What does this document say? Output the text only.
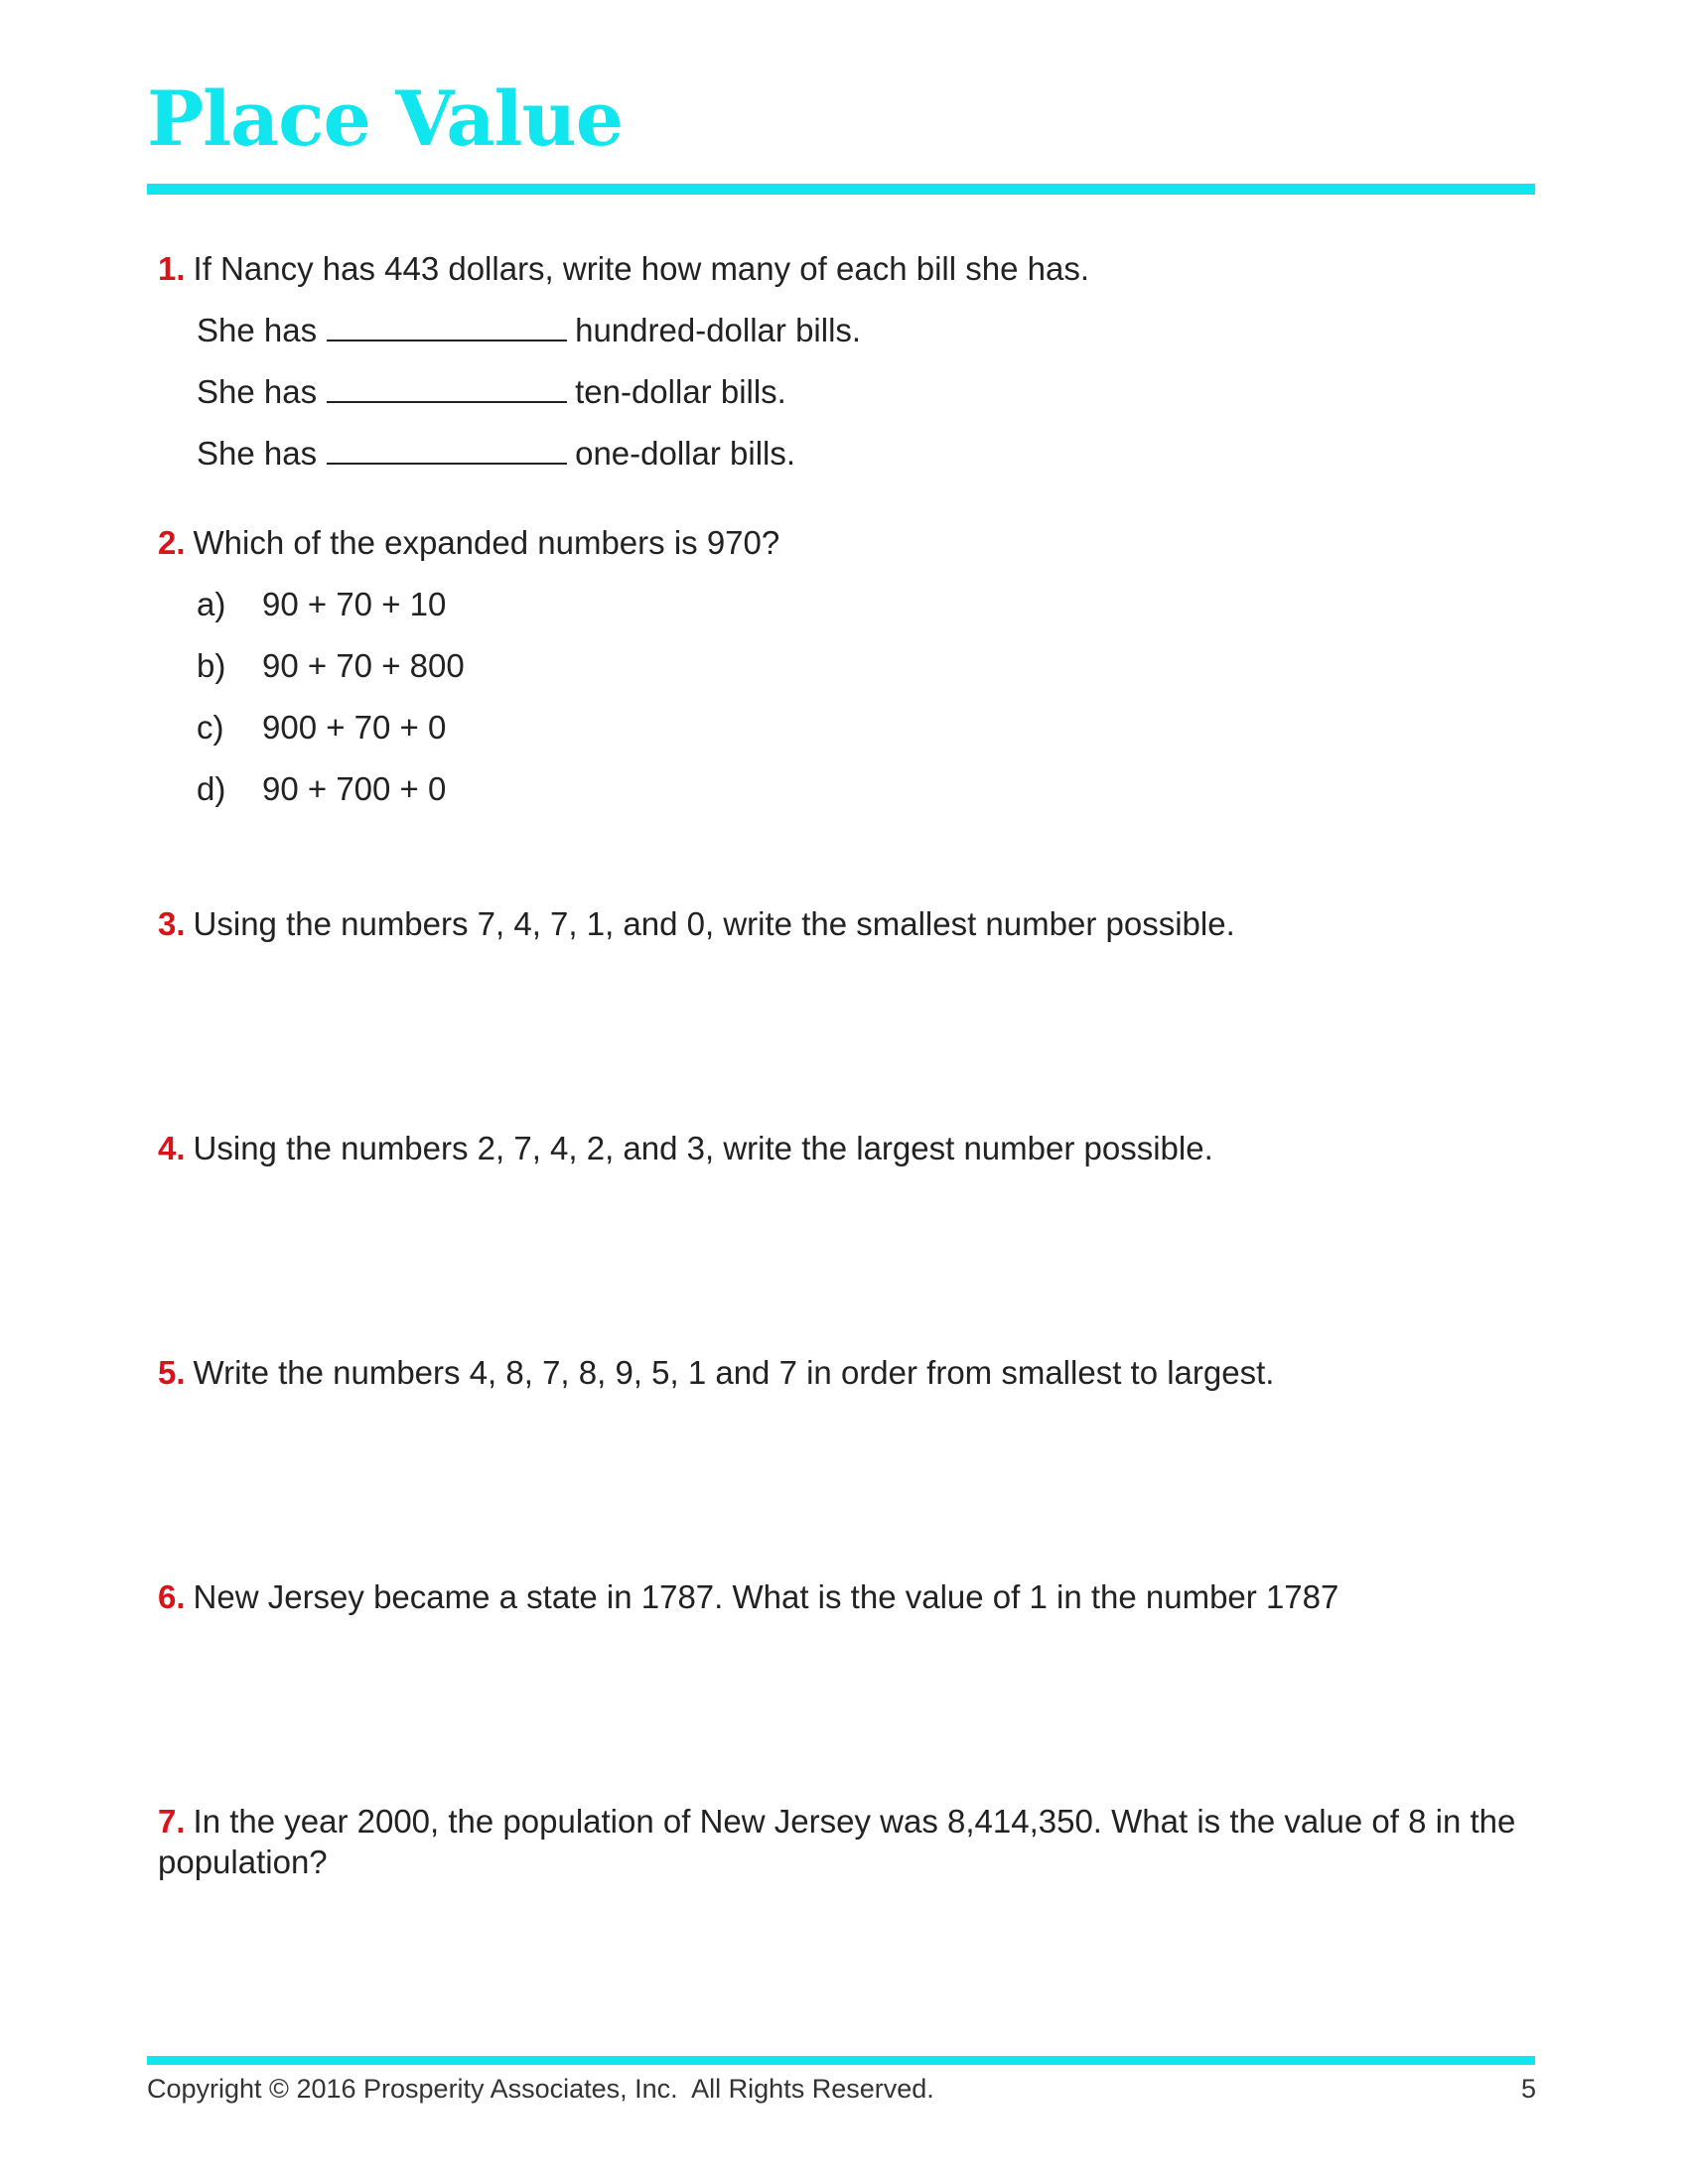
Place Value
1. If Nancy has 443 dollars, write how many of each bill she has.
She has	hundred-dollar bills.
She has	ten-dollar bills.
She has	one-dollar bills.
2. Which of the expanded numbers is 970?
a) 90 + 70 + 10
b) 90 + 70 + 800
c) 900 + 70 + 0
d) 90 + 700 + 0
3. Using the numbers 7, 4, 7, 1, and 0, write the smallest number possible.
4. Using the numbers 2, 7, 4, 2, and 3, write the largest number possible.
5. Write the numbers 4, 8, 7, 8, 9, 5, 1 and 7 in order from smallest to largest.
6. New Jersey became a state in 1787. What is the value of 1 in the number 1787
7. In the year 2000, the population of New Jersey was 8,414,350. What is the value of 8 in the population?
Copyright © 2016 Prosperity Associates, Inc.  All Rights Reserved.	5
